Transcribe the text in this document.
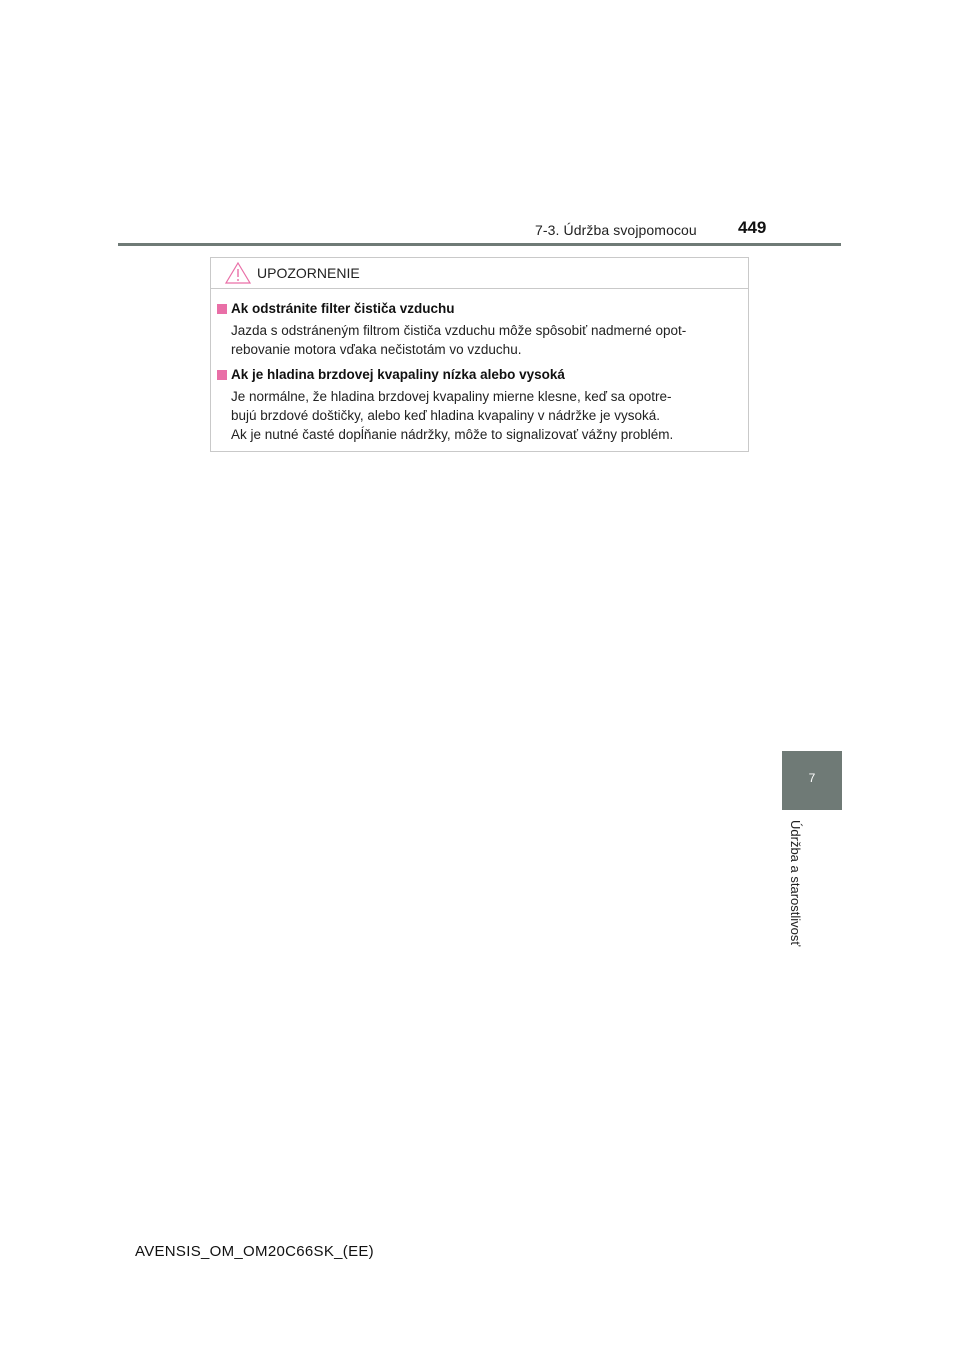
7-3. Údržba svojpomocou 449
7
Údržba a starostlivosť
UPOZORNENIE
Ak odstránite filter čističa vzduchu
Jazda s odstráneným filtrom čističa vzduchu môže spôsobiť nadmerné opot-
rebovanie motora vďaka nečistotám vo vzduchu.
Ak je hladina brzdovej kvapaliny nízka alebo vysoká
Je normálne, že hladina brzdovej kvapaliny mierne klesne, keď sa opotre-
bujú brzdové doštičky, alebo keď hladina kvapaliny v nádržke je vysoká.
Ak je nutné časté dopĺňanie nádržky, môže to signalizovať vážny problém.
AVENSIS_OM_OM20C66SK_(EE)
